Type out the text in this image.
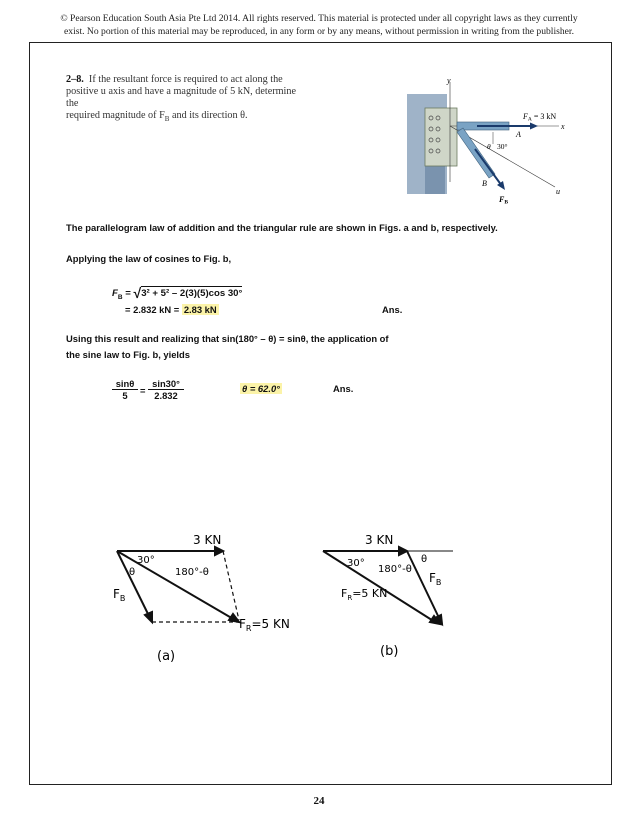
© Pearson Education South Asia Pte Ltd 2014. All rights reserved. This material is protected under all copyright laws as they currently
exist. No portion of this material may be reproduced, in any form or by any means, without permission in writing from the publisher.
2–8. If the resultant force is required to act along the
positive u axis and have a magnitude of 5 kN, determine the
required magnitude of $F_B$ and its direction θ.
y
x
u
FA = 3 kN
A
B
FB
θ 30°
The parallelogram law of addition and the triangular rule are shown in Figs. a and b, respectively.
Applying the law of cosines to Fig. b,
$F_B = √3^2 + 5^2 - 2(3)(5)\cos$ 30°
= 2.832 kN = 2.83 kN	Ans.
Using this result and realizing that sin(180° – θ) = sinθ, the application of
the sine law to Fig. b, yields
$\frac{\sin\theta}{5} = \frac{\sin 30^\circ}{2.832}$	θ = 62.0°	Ans.
3 KN
30°
θ	180°-θ
$F_B$
$F_R=5$ KN
(a)
3 KN
30°
180°-θ
θ
$F_B$
$F_R=5$ KN
(b)
24
